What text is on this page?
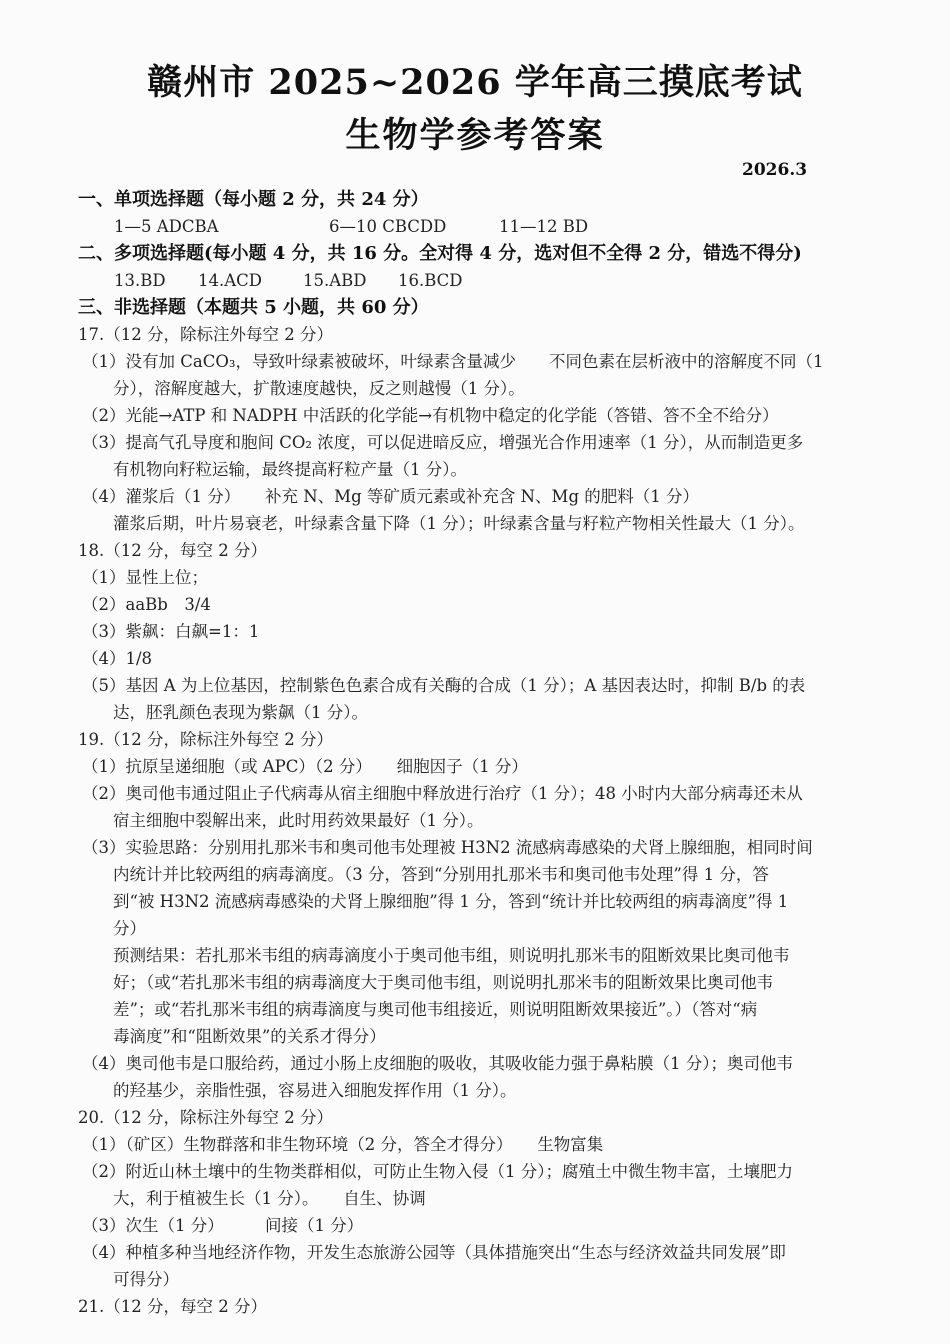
赣州市 2025~2026 学年高三摸底考试
生物学参考答案
2026.3
一、单项选择题（每小题 2 分，共 24 分）
1—5 ADCBA	6—10 CBCDD	11—12 BD
二、多项选择题(每小题 4 分，共 16 分。全对得 4 分，选对但不全得 2 分，错选不得分)
13.BD 14.ACD 15.ABD 16.BCD
三、非选择题（本题共 5 小题，共 60 分）
17.（12 分，除标注外每空 2 分）
（1）没有加 CaCO₃，导致叶绿素被破坏，叶绿素含量减少　　不同色素在层析液中的溶解度不同（1
分），溶解度越大，扩散速度越快，反之则越慢（1 分）。
（2）光能→ATP 和 NADPH 中活跃的化学能→有机物中稳定的化学能（答错、答不全不给分）
（3）提高气孔导度和胞间 CO₂ 浓度，可以促进暗反应，增强光合作用速率（1 分），从而制造更多
有机物向籽粒运输，最终提高籽粒产量（1 分）。
（4）灌浆后（1 分）　　补充 N、Mg 等矿质元素或补充含 N、Mg 的肥料（1 分）
灌浆后期，叶片易衰老，叶绿素含量下降（1 分）；叶绿素含量与籽粒产物相关性最大（1 分）。
18.（12 分，每空 2 分）
（1）显性上位；
（2）aaBb　3/4
（3）紫飙：白飙=1：1
（4）1/8
（5）基因 A 为上位基因，控制紫色色素合成有关酶的合成（1 分）；A 基因表达时，抑制 B/b 的表
达，胚乳颜色表现为紫飙（1 分）。
19.（12 分，除标注外每空 2 分）
（1）抗原呈递细胞（或 APC）（2 分）　　细胞因子（1 分）
（2）奥司他韦通过阻止子代病毒从宿主细胞中释放进行治疗（1 分）；48 小时内大部分病毒还未从
宿主细胞中裂解出来，此时用药效果最好（1 分）。
（3）实验思路：分别用扎那米韦和奥司他韦处理被 H3N2 流感病毒感染的犬肾上腺细胞，相同时间
内统计并比较两组的病毒滴度。（3 分，答到“分别用扎那米韦和奥司他韦处理”得 1 分，答
到“被 H3N2 流感病毒感染的犬肾上腺细胞”得 1 分，答到“统计并比较两组的病毒滴度”得 1
分）
预测结果：若扎那米韦组的病毒滴度小于奥司他韦组，则说明扎那米韦的阻断效果比奥司他韦
好；（或“若扎那米韦组的病毒滴度大于奥司他韦组，则说明扎那米韦的阻断效果比奥司他韦
差”；或“若扎那米韦组的病毒滴度与奥司他韦组接近，则说明阻断效果接近”。）（答对“病
毒滴度”和“阻断效果”的关系才得分）
（4）奥司他韦是口服给药，通过小肠上皮细胞的吸收，其吸收能力强于鼻粘膜（1 分）；奥司他韦
的羟基少，亲脂性强，容易进入细胞发挥作用（1 分）。
20.（12 分，除标注外每空 2 分）
（1）（矿区）生物群落和非生物环境（2 分，答全才得分）　　生物富集
（2）附近山林土壤中的生物类群相似，可防止生物入侵（1 分）；腐殖土中微生物丰富，土壤肥力
大，利于植被生长（1 分）。　　自生、协调
（3）次生（1 分）　　　间接（1 分）
（4）种植多种当地经济作物，开发生态旅游公园等（具体措施突出“生态与经济效益共同发展”即
可得分）
21.（12 分，每空 2 分）
